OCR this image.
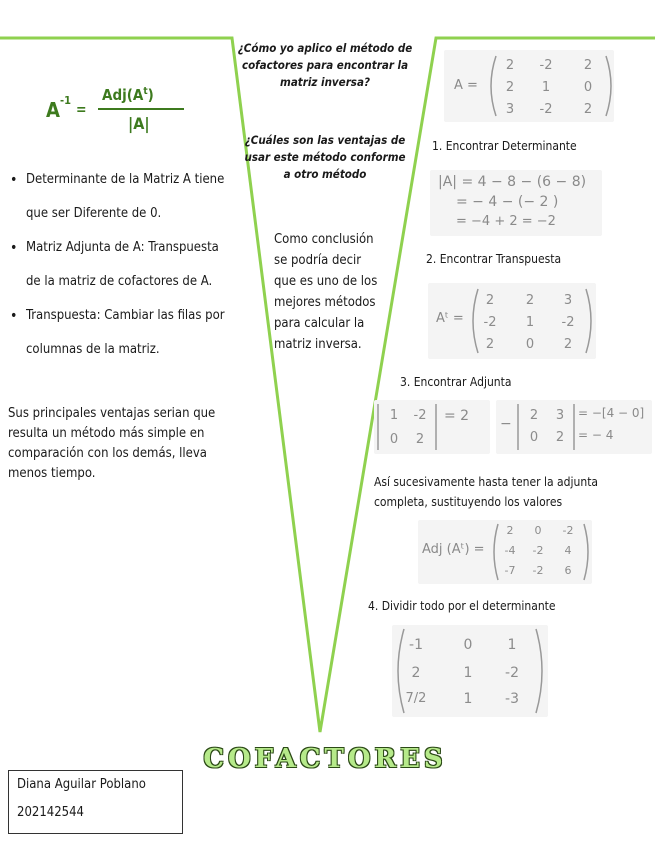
A -1
=
$Adj(A^t)$
|A|
• Determinante de la Matriz A tiene que ser Diferente de 0.
• Matriz Adjunta de A: Transpuesta de la matriz de cofactores de A.
• Transpuesta: Cambiar las filas por columnas de la matriz.
Sus principales ventajas serian que resulta un método más simple en comparación con los demás, lleva menos tiempo.
¿Cómo yo aplico el método de cofactores para encontrar la matriz inversa?
¿Cuáles son las ventajas de usar este método conforme a otro método
Como conclusión se podría decir que es uno de los mejores métodos para calcular la matriz inversa.
A =
2	-2	2
2	1	0
3	-2	2
1. Encontrar Determinante
|A| = 4 − 8 − (6 − 8)
= − 4 − (− 2 )
= −4 + 2 = −2
2. Encontrar Transpuesta
Aᵗ =
2	2	3
-2	1	-2
2	0	2
3. Encontrar Adjunta
1	-2
0	2
= 2 −
2	3
0	2
= −[4 − 0]
= − 4
Así sucesivamente hasta tener la adjunta completa, sustituyendo los valores
Adj (Aᵗ) =
2	0	-2
-4	-2	4
-7	-2	6
4. Dividir todo por el determinante
-1	0	1
2	1	-2
7/2	1	-3
COFACTORES
Diana Aguilar Poblano
202142544
